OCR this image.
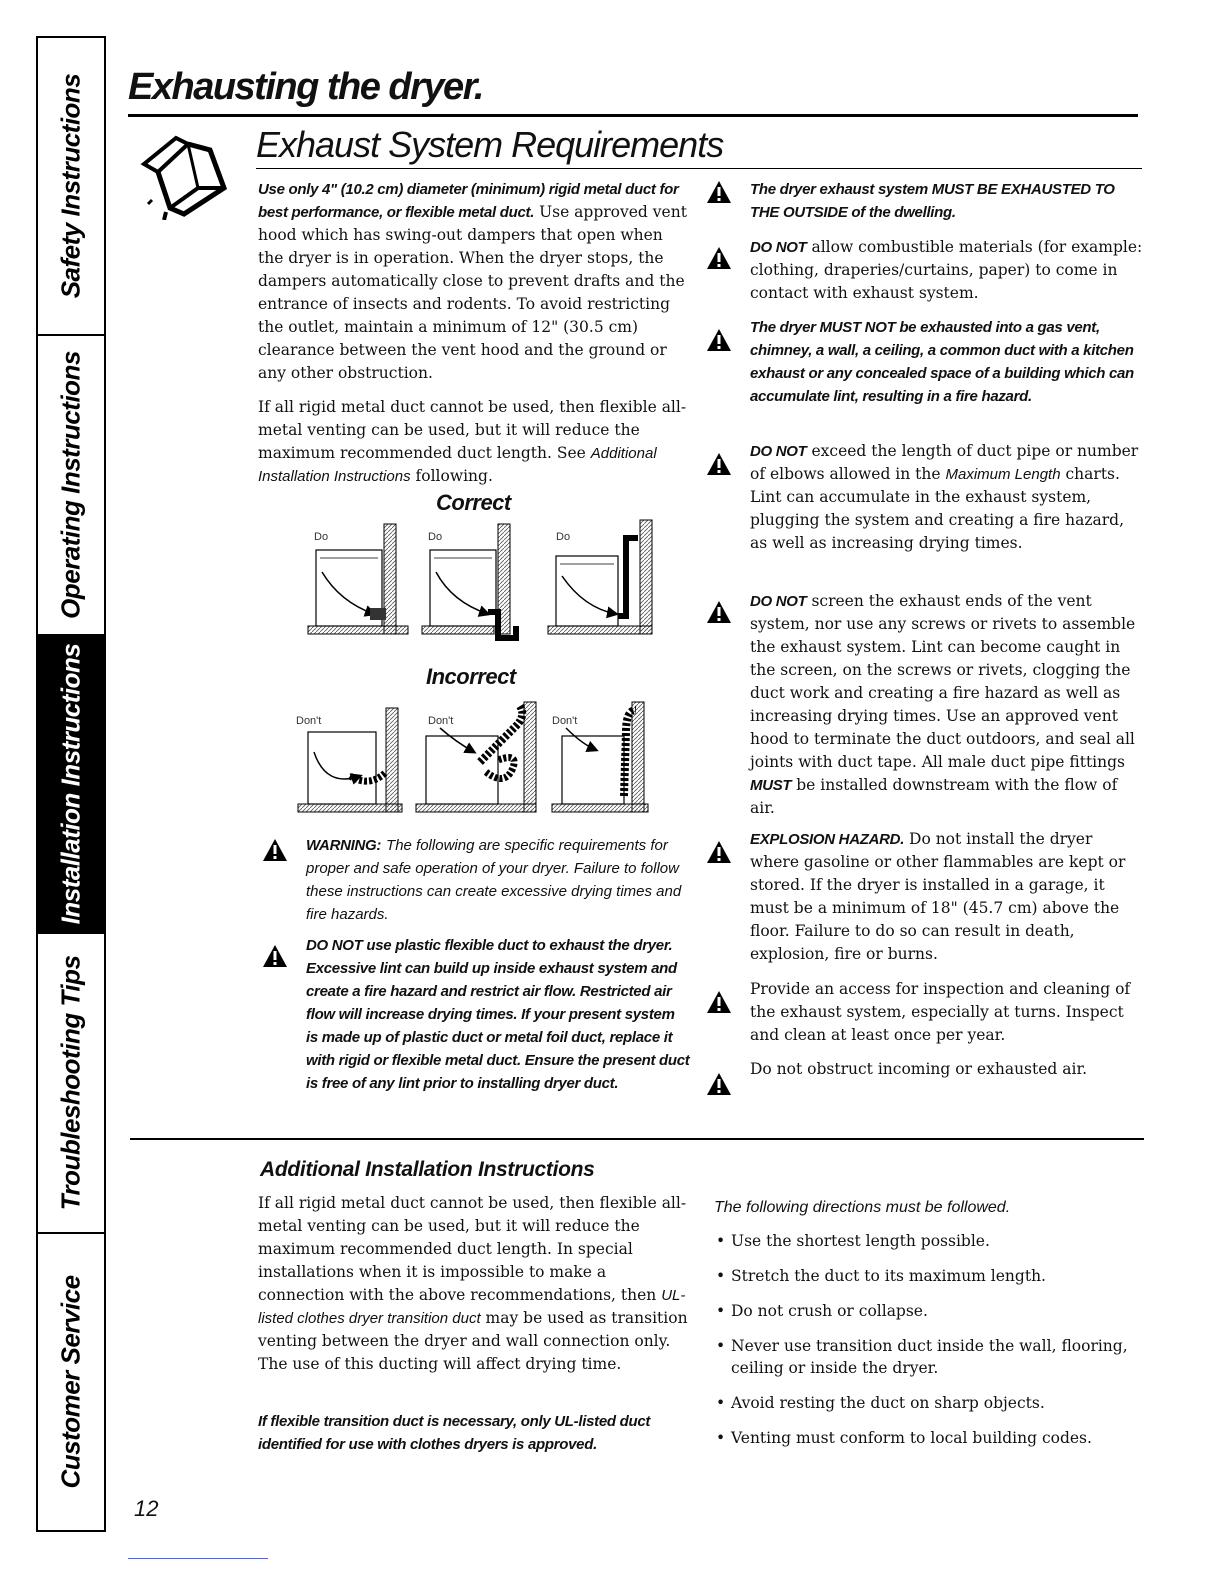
Safety Instructions
Operating Instructions
Installation Instructions
Troubleshooting Tips
Customer Service
Exhausting the dryer.
Exhaust System Requirements

Use only 4" (10.2 cm) diameter (minimum) rigid metal duct for best performance, or flexible metal duct. Use approved vent hood which has swing-out dampers that open when the dryer is in operation. When the dryer stops, the dampers automatically close to prevent drafts and the entrance of insects and rodents. To avoid restricting the outlet, maintain a minimum of 12" (30.5 cm) clearance between the vent hood and the ground or any other obstruction.

If all rigid metal duct cannot be used, then flexible all-metal venting can be used, but it will reduce the maximum recommended duct length. See Additional Installation Instructions following.

Correct
Do	Do	Do
Incorrect
Don't	Don't	Don't

WARNING: The following are specific requirements for proper and safe operation of your dryer. Failure to follow these instructions can create excessive drying times and fire hazards.

DO NOT use plastic flexible duct to exhaust the dryer. Excessive lint can build up inside exhaust system and create a fire hazard and restrict air flow. Restricted air flow will increase drying times. If your present system is made up of plastic duct or metal foil duct, replace it with rigid or flexible metal duct. Ensure the present duct is free of any lint prior to installing dryer duct.

The dryer exhaust system MUST BE EXHAUSTED TO THE OUTSIDE of the dwelling.

DO NOT allow combustible materials (for example: clothing, draperies/curtains, paper) to come in contact with exhaust system.

The dryer MUST NOT be exhausted into a gas vent, chimney, a wall, a ceiling, a common duct with a kitchen exhaust or any concealed space of a building which can accumulate lint, resulting in a fire hazard.

DO NOT exceed the length of duct pipe or number of elbows allowed in the Maximum Length charts. Lint can accumulate in the exhaust system, plugging the system and creating a fire hazard, as well as increasing drying times.

DO NOT screen the exhaust ends of the vent system, nor use any screws or rivets to assemble the exhaust system. Lint can become caught in the screen, on the screws or rivets, clogging the duct work and creating a fire hazard as well as increasing drying times. Use an approved vent hood to terminate the duct outdoors, and seal all joints with duct tape. All male duct pipe fittings MUST be installed downstream with the flow of air.

EXPLOSION HAZARD. Do not install the dryer where gasoline or other flammables are kept or stored. If the dryer is installed in a garage, it must be a minimum of 18" (45.7 cm) above the floor. Failure to do so can result in death, explosion, fire or burns.

Provide an access for inspection and cleaning of the exhaust system, especially at turns. Inspect and clean at least once per year.

Do not obstruct incoming or exhausted air.

Additional Installation Instructions

If all rigid metal duct cannot be used, then flexible all-metal venting can be used, but it will reduce the maximum recommended duct length. In special installations when it is impossible to make a connection with the above recommendations, then UL-listed clothes dryer transition duct may be used as transition venting between the dryer and wall connection only. The use of this ducting will affect drying time.

If flexible transition duct is necessary, only UL-listed duct identified for use with clothes dryers is approved.

The following directions must be followed.

• Use the shortest length possible.
• Stretch the duct to its maximum length.
• Do not crush or collapse.
• Never use transition duct inside the wall, flooring, ceiling or inside the dryer.
• Avoid resting the duct on sharp objects.
• Venting must conform to local building codes.
12
